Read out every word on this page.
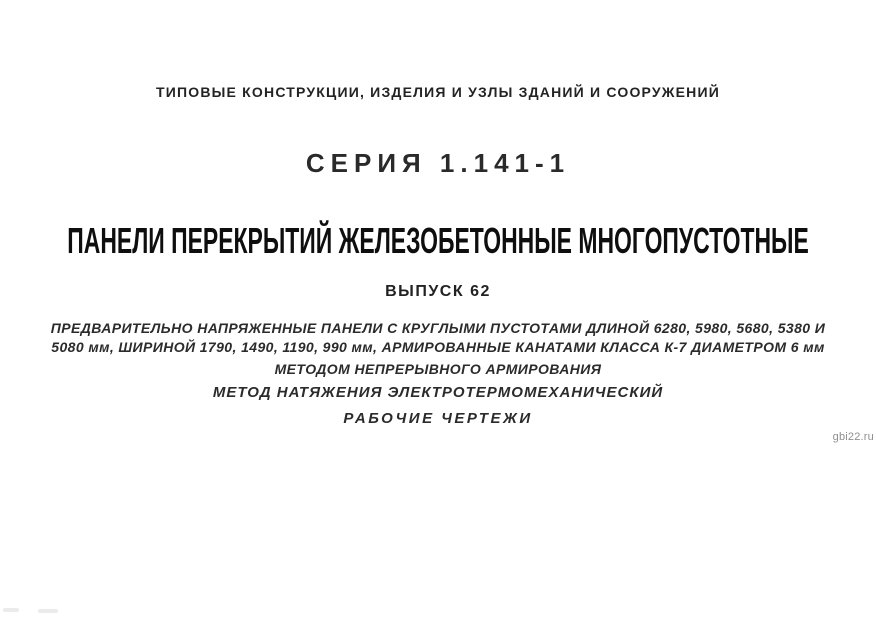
ТИПОВЫЕ КОНСТРУКЦИИ, ИЗДЕЛИЯ И УЗЛЫ ЗДАНИЙ И СООРУЖЕНИЙ
СЕРИЯ 1.141-1
ПАНЕЛИ ПЕРЕКРЫТИЙ ЖЕЛЕЗОБЕТОННЫЕ МНОГОПУСТОТНЫЕ
ВЫПУСК 62
ПРЕДВАРИТЕЛЬНО НАПРЯЖЕННЫЕ ПАНЕЛИ С КРУГЛЫМИ ПУСТОТАМИ ДЛИНОЙ 6280, 5980, 5680, 5380 И
5080 мм, ШИРИНОЙ 1790, 1490, 1190, 990 мм, АРМИРОВАННЫЕ КАНАТАМИ КЛАССА К-7 ДИАМЕТРОМ 6 мм
МЕТОДОМ НЕПРЕРЫВНОГО АРМИРОВАНИЯ
МЕТОД НАТЯЖЕНИЯ ЭЛЕКТРОТЕРМОМЕХАНИЧЕСКИЙ
РАБОЧИЕ ЧЕРТЕЖИ
gbi22.ru
